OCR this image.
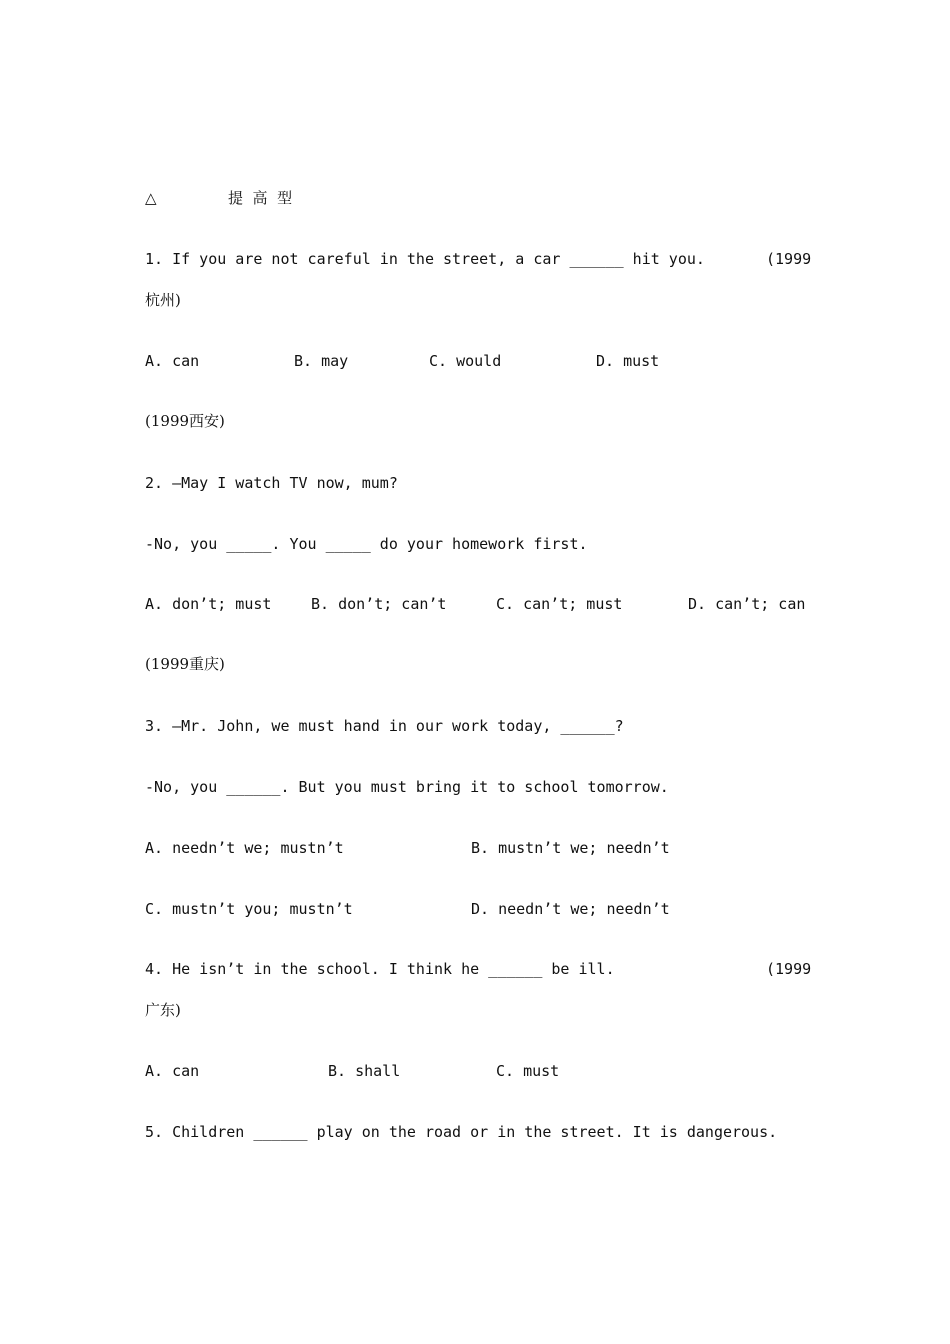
△	提  高  型
1. If you are not careful in the street, a car ______ hit you.	(1999
杭州)
A. can	B. may	C. would	D. must
(1999西安)
2. –May I watch TV now, mum?
-No, you _____. You _____ do your homework first.
A. don’t; must	B. don’t; can’t	C. can’t; must	D. can’t; can
(1999重庆)
3. –Mr. John, we must hand in our work today, ______?
-No, you ______. But you must bring it to school tomorrow.
A. needn’t we; mustn’t	B. mustn’t we; needn’t
C. mustn’t you; mustn’t	D. needn’t we; needn’t
4. He isn’t in the school. I think he ______ be ill.	(1999
广东)
A. can	B. shall	C. must
5. Children ______ play on the road or in the street. It is dangerous.
